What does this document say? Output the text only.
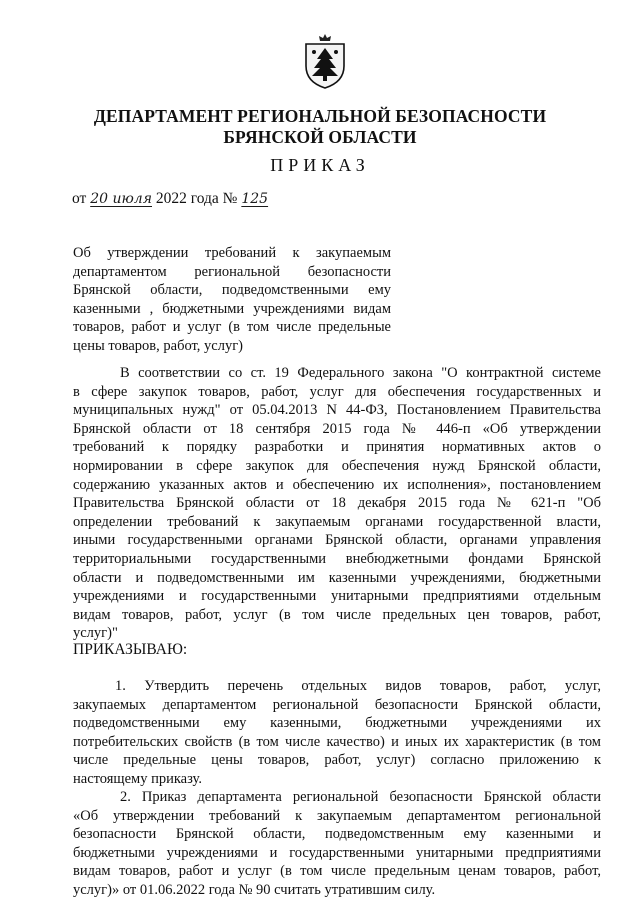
ДЕПАРТАМЕНТ РЕГИОНАЛЬНОЙ БЕЗОПАСНОСТИ
БРЯНСКОЙ ОБЛАСТИ
ПРИКАЗ
от 20 июля 2022 года № 125
Об утверждении требований к закупаемым
департаментом региональной безопасности
Брянской области, подведомственными ему
казенными , бюджетными учреждениями видам
товаров, работ и услуг (в том числе предельные
цены товаров, работ, услуг)
В соответствии со ст. 19 Федерального закона "О контрактной системе
в сфере закупок товаров, работ, услуг для обеспечения государственных и
муниципальных нужд" от 05.04.2013 N 44-ФЗ, Постановлением Правительства
Брянской области от 18 сентября 2015 года № 446-п «Об утверждении
требований к порядку разработки и принятия нормативных актов о
нормировании в сфере закупок для обеспечения нужд Брянской области,
содержанию указанных актов и обеспечению их исполнения», постановлением
Правительства Брянской области от 18 декабря 2015 года № 621-п "Об
определении требований к закупаемым органами государственной власти,
иными государственными органами Брянской области, органами управления
территориальными государственными внебюджетными фондами Брянской
области и подведомственными им казенными учреждениями, бюджетными
учреждениями и государственными унитарными предприятиями отдельным
видам товаров, работ, услуг (в том числе предельных цен товаров, работ,
услуг)"
ПРИКАЗЫВАЮ:
1. Утвердить перечень отдельных видов товаров, работ, услуг,
закупаемых департаментом региональной безопасности Брянской области,
подведомственными ему казенными, бюджетными учреждениями их
потребительских свойств (в том числе качество) и иных их характеристик (в том
числе предельные цены товаров, работ, услуг) согласно приложению к
настоящему приказу.
2. Приказ департамента региональной безопасности Брянской области
«Об утверждении требований к закупаемым департаментом региональной
безопасности Брянской области, подведомственным ему казенными и
бюджетными учреждениями и государственными унитарными предприятиями
видам товаров, работ и услуг (в том числе предельным ценам товаров, работ,
услуг)» от 01.06.2022 года № 90 считать утратившим силу.
